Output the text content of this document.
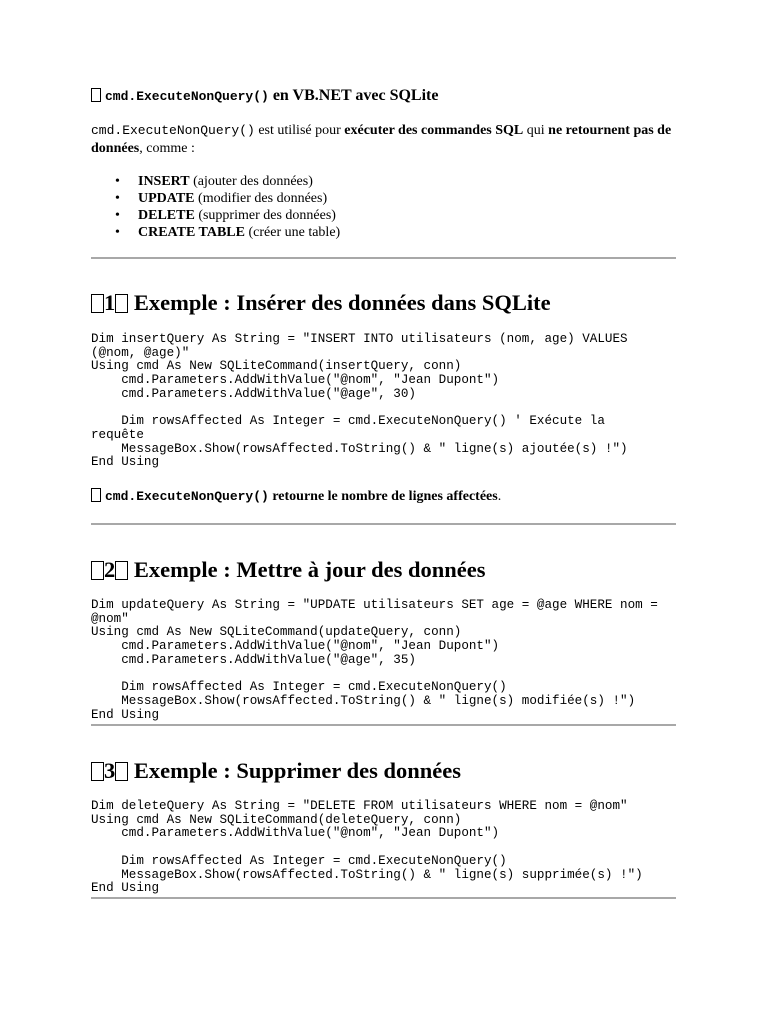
cmd.ExecuteNonQuery() en VB.NET avec SQLite

cmd.ExecuteNonQuery() est utilisé pour exécuter des commandes SQL qui ne retournent pas de données, comme :

• INSERT (ajouter des données)
• UPDATE (modifier des données)
• DELETE (supprimer des données)
• CREATE TABLE (créer une table)
1 Exemple : Insérer des données dans SQLite
Dim insertQuery As String = "INSERT INTO utilisateurs (nom, age) VALUES
(@nom, @age)"
Using cmd As New SQLiteCommand(insertQuery, conn)
cmd.Parameters.AddWithValue("@nom", "Jean Dupont")
cmd.Parameters.AddWithValue("@age", 30)

Dim rowsAffected As Integer = cmd.ExecuteNonQuery() ' Exécute la
requête
MessageBox.Show(rowsAffected.ToString() & " ligne(s) ajoutée(s) !")
End Using

cmd.ExecuteNonQuery() retourne le nombre de lignes affectées.

2 Exemple : Mettre à jour des données
Dim updateQuery As String = "UPDATE utilisateurs SET age = @age WHERE nom =
@nom"
Using cmd As New SQLiteCommand(updateQuery, conn)
cmd.Parameters.AddWithValue("@nom", "Jean Dupont")
cmd.Parameters.AddWithValue("@age", 35)

Dim rowsAffected As Integer = cmd.ExecuteNonQuery()
MessageBox.Show(rowsAffected.ToString() & " ligne(s) modifiée(s) !")
End Using
3 Exemple : Supprimer des données
Dim deleteQuery As String = "DELETE FROM utilisateurs WHERE nom = @nom"
Using cmd As New SQLiteCommand(deleteQuery, conn)
cmd.Parameters.AddWithValue("@nom", "Jean Dupont")

Dim rowsAffected As Integer = cmd.ExecuteNonQuery()
MessageBox.Show(rowsAffected.ToString() & " ligne(s) supprimée(s) !")
End Using
